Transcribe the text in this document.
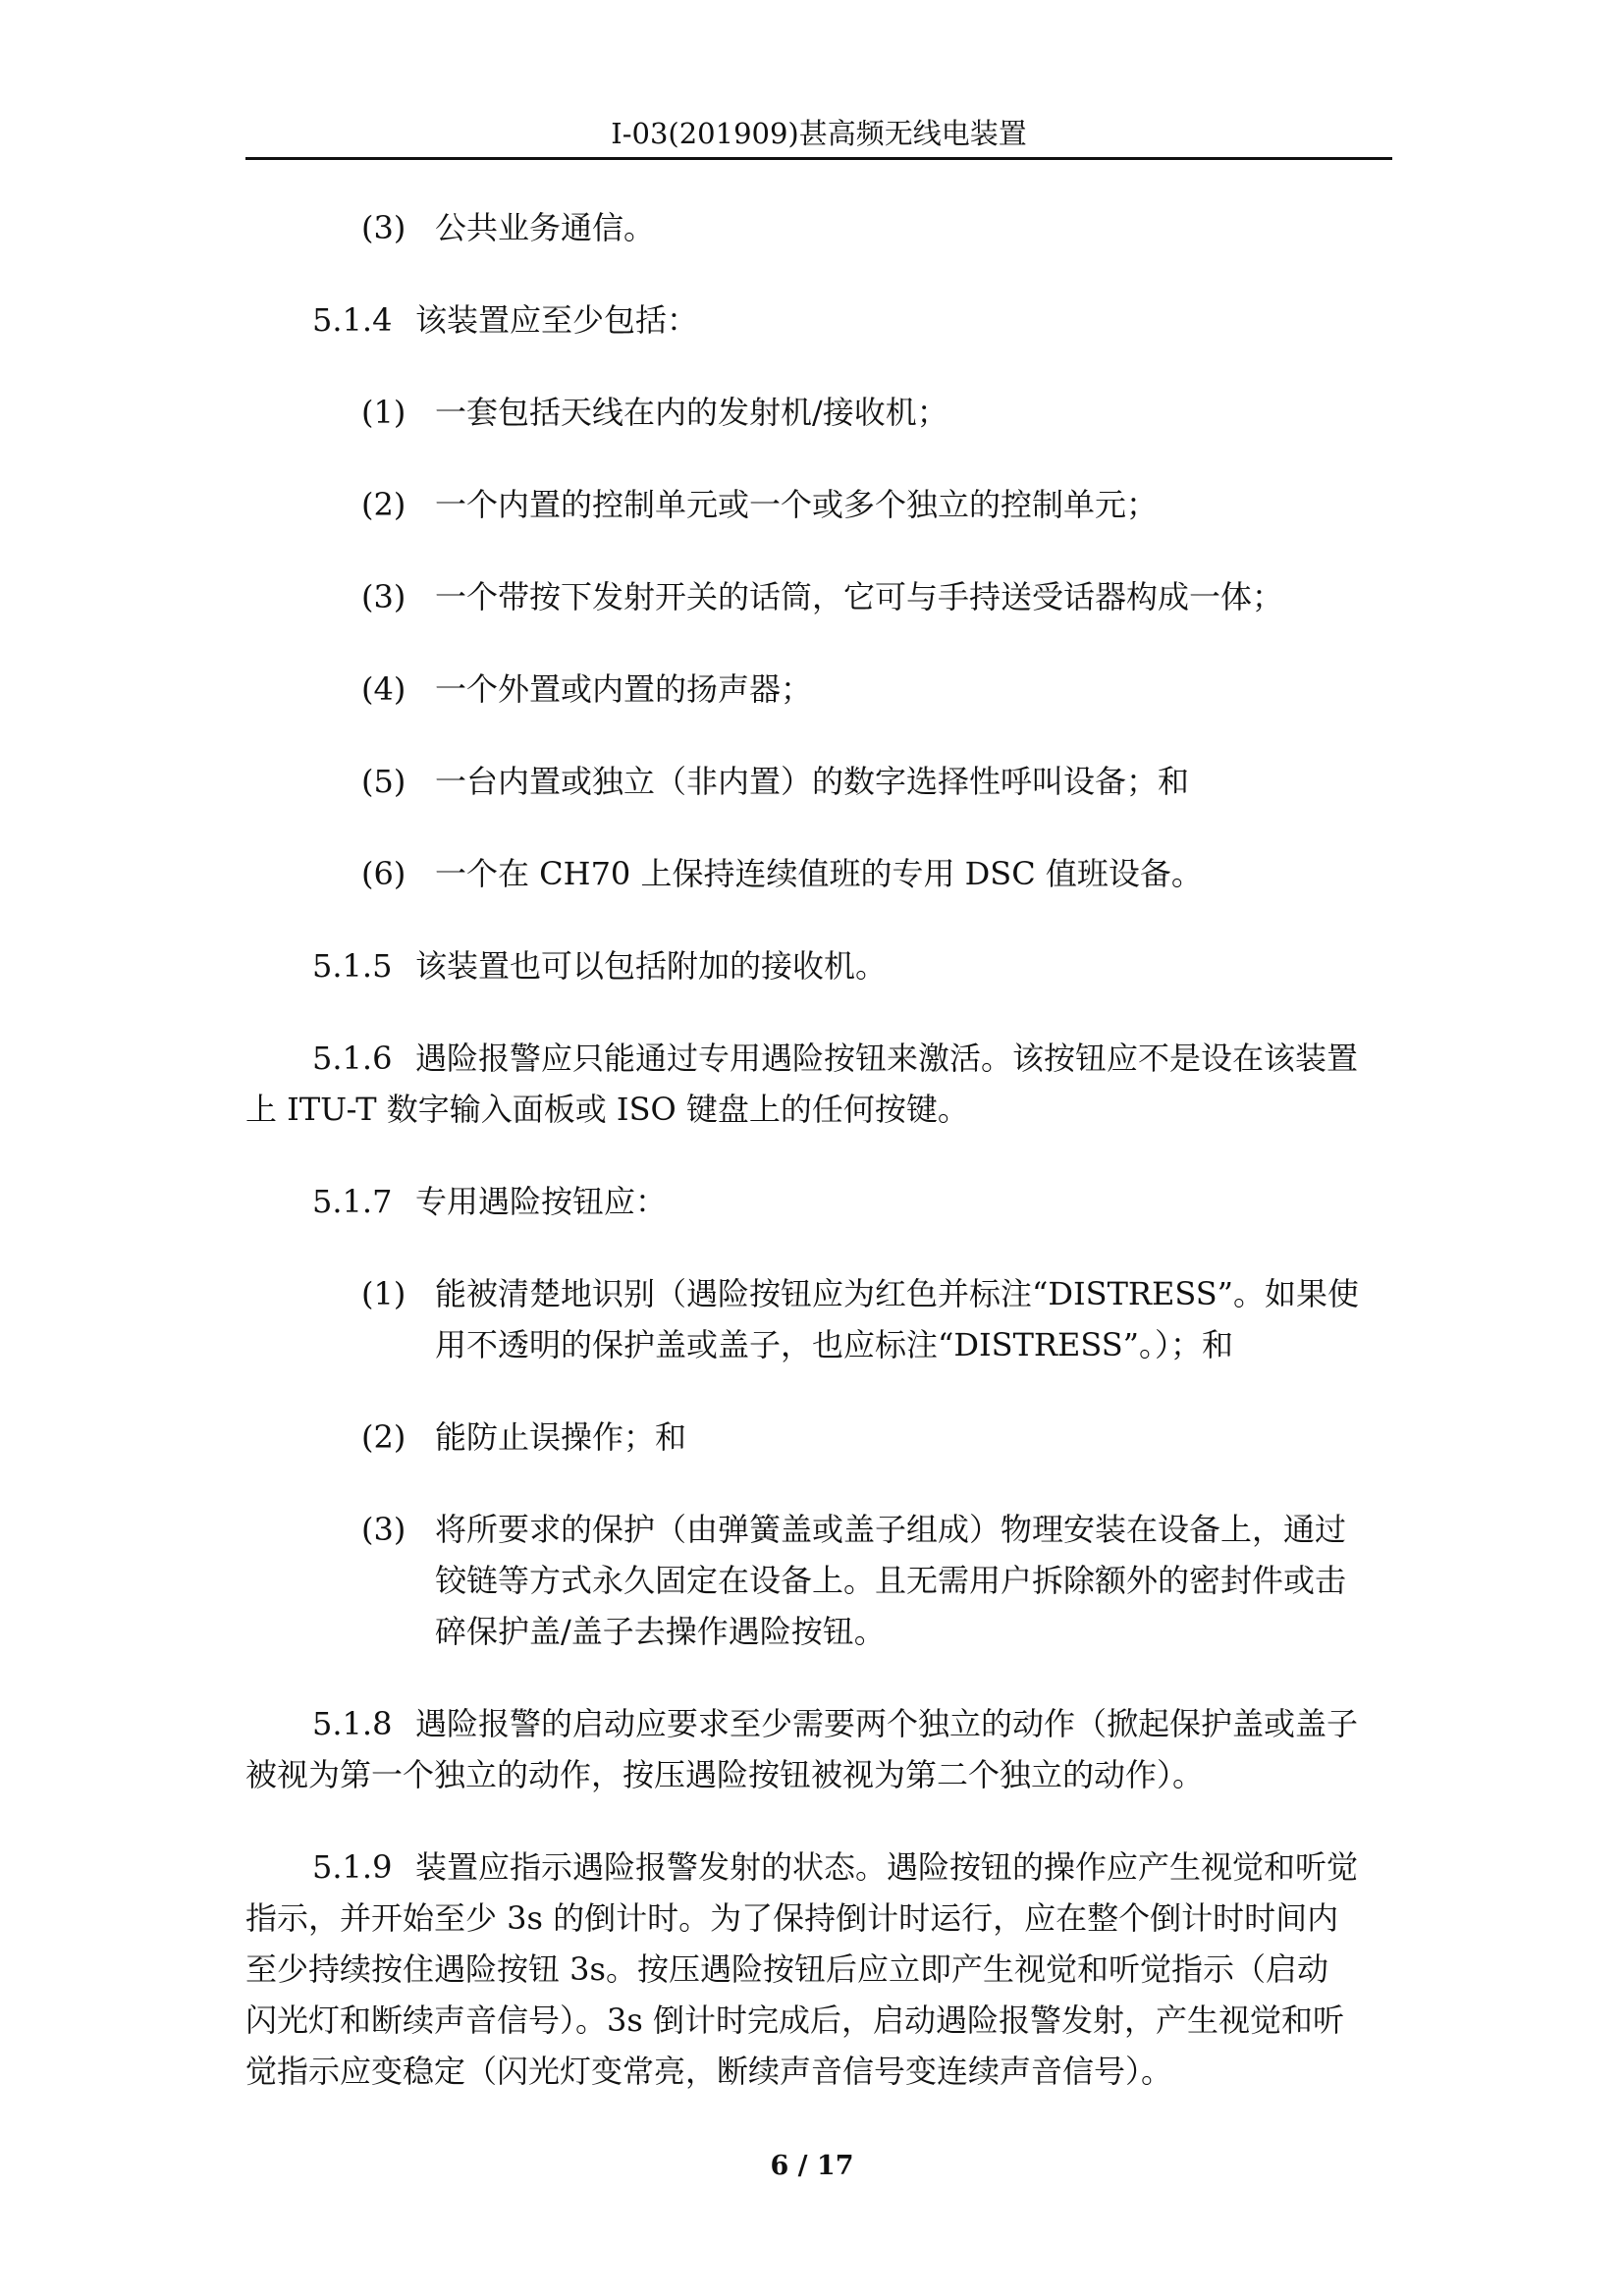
I-03(201909)甚高频无线电装置
(3) 公共业务通信。
5.1.4 该装置应至少包括：
(1) 一套包括天线在内的发射机/接收机；
(2) 一个内置的控制单元或一个或多个独立的控制单元；
(3) 一个带按下发射开关的话筒，它可与手持送受话器构成一体；
(4) 一个外置或内置的扬声器；
(5) 一台内置或独立（非内置）的数字选择性呼叫设备；和
(6) 一个在 CH70 上保持连续值班的专用 DSC 值班设备。
5.1.5 该装置也可以包括附加的接收机。
5.1.6 遇险报警应只能通过专用遇险按钮来激活。该按钮应不是设在该装置
上 ITU-T 数字输入面板或 ISO 键盘上的任何按键。
5.1.7 专用遇险按钮应：
(1) 能被清楚地识别（遇险按钮应为红色并标注“DISTRESS”。如果使
用不透明的保护盖或盖子，也应标注“DISTRESS”。）；和
(2) 能防止误操作；和
(3) 将所要求的保护（由弹簧盖或盖子组成）物理安装在设备上，通过
铰链等方式永久固定在设备上。且无需用户拆除额外的密封件或击
碎保护盖/盖子去操作遇险按钮。
5.1.8 遇险报警的启动应要求至少需要两个独立的动作（掀起保护盖或盖子
被视为第一个独立的动作，按压遇险按钮被视为第二个独立的动作）。
5.1.9 装置应指示遇险报警发射的状态。遇险按钮的操作应产生视觉和听觉
指示，并开始至少 3s 的倒计时。为了保持倒计时运行，应在整个倒计时时间内
至少持续按住遇险按钮 3s。按压遇险按钮后应立即产生视觉和听觉指示（启动
闪光灯和断续声音信号）。3s 倒计时完成后，启动遇险报警发射，产生视觉和听
觉指示应变稳定（闪光灯变常亮，断续声音信号变连续声音信号）。
6 / 17
